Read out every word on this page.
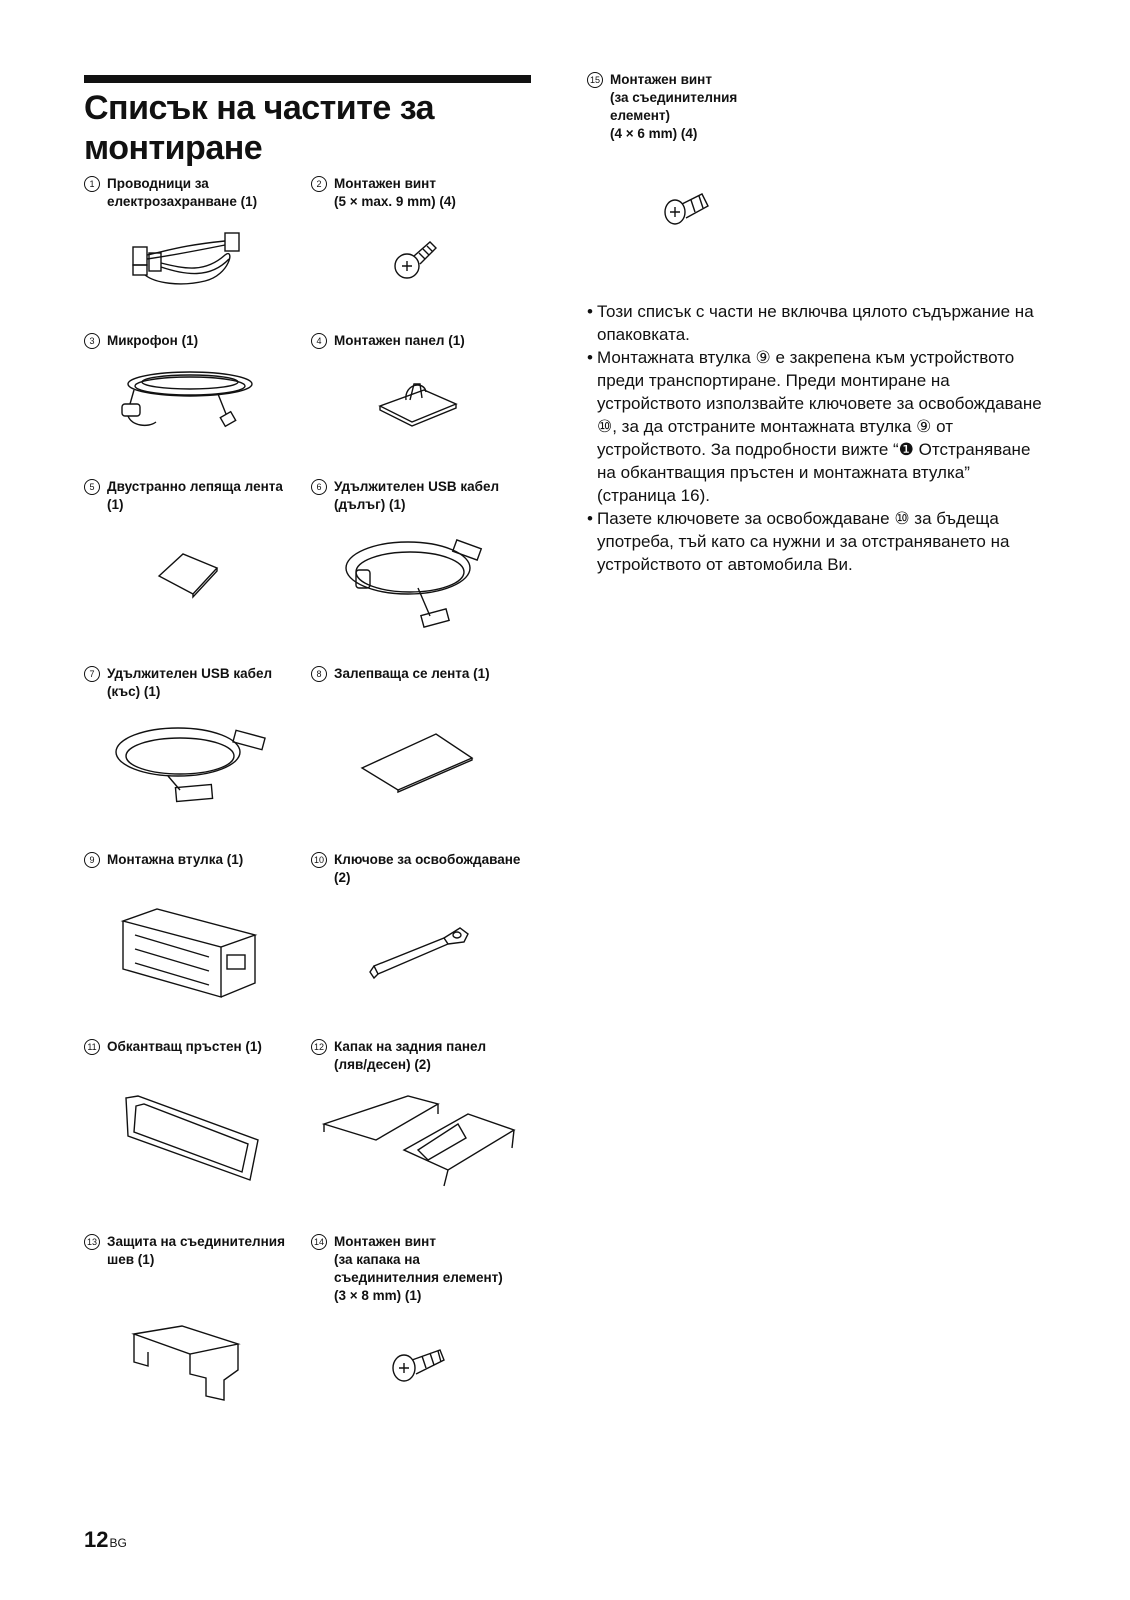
Списък на частите за монтиране
1 Проводници за
електрозахранване (1)
2 Монтажен винт
(5 × max. 9 mm) (4)
3 Микрофон (1)	4 Монтажен панел (1)
5 Двустранно лепяща лента
(1)
6 Удължителен USB кабел
(дълъг) (1)
7 Удължителен USB кабел
(къс) (1)
8 Залепваща се лента (1)
9 Монтажна втулка (1)	10 Ключове за освобождаване
(2)
11 Обкантващ пръстен (1)	12 Капак на задния панел
(ляв/десен) (2)
13 Защита на съединителния
шев (1)
14 Монтажен винт
(за капака на
съединителния елемент)
(3 × 8 mm) (1)
15 Монтажен винт
(за съединителния
елемент)
(4 × 6 mm) (4)
• Този списък с части не включва цялото съдържание на опаковката.
• Монтажната втулка ⑨ е закрепена към устройството преди транспортиране. Преди монтиране на устройството използвайте ключовете за освобождаване ⑩, за да отстраните монтажната втулка ⑨ от устройството. За подробности вижте “❶ Отстраняване на обкантващия пръстен и монтажната втулка” (страница 16).
• Пазете ключовете за освобождаване ⑩ за бъдеща употреба, тъй като са нужни и за отстраняването на устройството от автомобила Ви.
12BG
